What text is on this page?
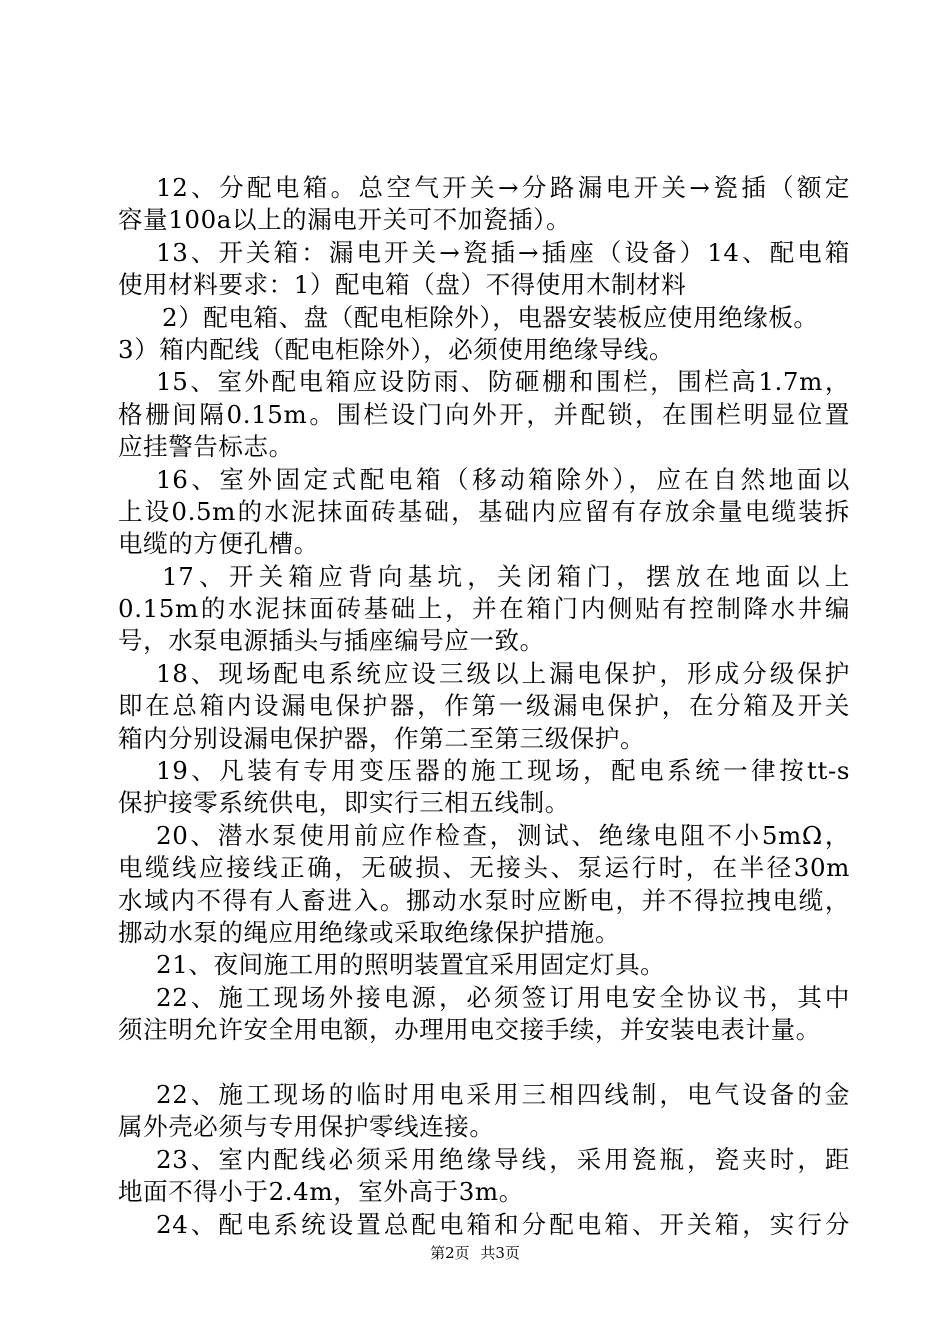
12、分配电箱。总空气开关→分路漏电开关→瓷插（额定
容量100a以上的漏电开关可不加瓷插）。
13、开关箱：漏电开关→瓷插→插座（设备）14、配电箱
使用材料要求：1）配电箱（盘）不得使用木制材料
2）配电箱、盘（配电柜除外），电器安装板应使用绝缘板。
3）箱内配线（配电柜除外），必须使用绝缘导线。
15、室外配电箱应设防雨、防砸棚和围栏，围栏高1.7m，
格栅间隔0.15m。围栏设门向外开，并配锁，在围栏明显位置
应挂警告标志。
16、室外固定式配电箱（移动箱除外），应在自然地面以
上设0.5m的水泥抹面砖基础，基础内应留有存放余量电缆装拆
电缆的方便孔槽。
17、开关箱应背向基坑，关闭箱门，摆放在地面以上
0.15m的水泥抹面砖基础上，并在箱门内侧贴有控制降水井编
号，水泵电源插头与插座编号应一致。
18、现场配电系统应设三级以上漏电保护，形成分级保护
即在总箱内设漏电保护器，作第一级漏电保护，在分箱及开关
箱内分别设漏电保护器，作第二至第三级保护。
19、凡装有专用变压器的施工现场，配电系统一律按tt-s
保护接零系统供电，即实行三相五线制。
20、潜水泵使用前应作检查，测试、绝缘电阻不小5mΩ，
电缆线应接线正确，无破损、无接头、泵运行时，在半径30m
水域内不得有人畜进入。挪动水泵时应断电，并不得拉拽电缆，
挪动水泵的绳应用绝缘或采取绝缘保护措施。
21、夜间施工用的照明装置宜采用固定灯具。
22、施工现场外接电源，必须签订用电安全协议书，其中
须注明允许安全用电额，办理用电交接手续，并安装电表计量。
22、施工现场的临时用电采用三相四线制，电气设备的金
属外壳必须与专用保护零线连接。
23、室内配线必须采用绝缘导线，采用瓷瓶，瓷夹时，距
地面不得小于2.4m，室外高于3m。
24、配电系统设置总配电箱和分配电箱、开关箱，实行分
第2页 共3页
